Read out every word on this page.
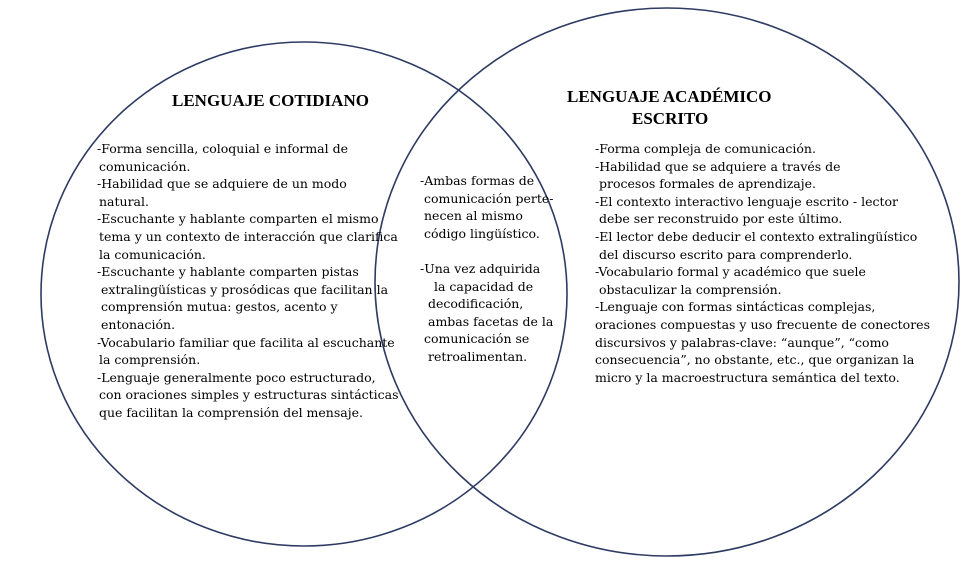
LENGUAJE COTIDIANO	LENGUAJE ACADÉMICO
ESCRITO
-Forma sencilla, coloquial e informal de
comunicación.
-Habilidad que se adquiere de un modo
natural.
-Escuchante y hablante comparten el mismo
tema y un contexto de interacción que clarifica
la comunicación.
-Escuchante y hablante comparten pistas
extralingüísticas y prosódicas que facilitan la
comprensión mutua: gestos, acento y
entonación.
-Vocabulario familiar que facilita al escuchante
la comprensión.
-Lenguaje generalmente poco estructurado,
con oraciones simples y estructuras sintácticas
que facilitan la comprensión del mensaje.
-Ambas formas de
comunicación perte-
necen al mismo
código lingüístico.
-Una vez adquirida
la capacidad de
decodificación,
ambas facetas de la
comunicación se
retroalimentan.
-Forma compleja de comunicación.
-Habilidad que se adquiere a través de
procesos formales de aprendizaje.
-El contexto interactivo lenguaje escrito - lector
debe ser reconstruido por este último.
-El lector debe deducir el contexto extralingüístico
del discurso escrito para comprenderlo.
-Vocabulario formal y académico que suele
obstaculizar la comprensión.
-Lenguaje con formas sintácticas complejas,
oraciones compuestas y uso frecuente de conectores
discursivos y palabras-clave: “aunque”, “como
consecuencia”, no obstante, etc., que organizan la
micro y la macroestructura semántica del texto.
